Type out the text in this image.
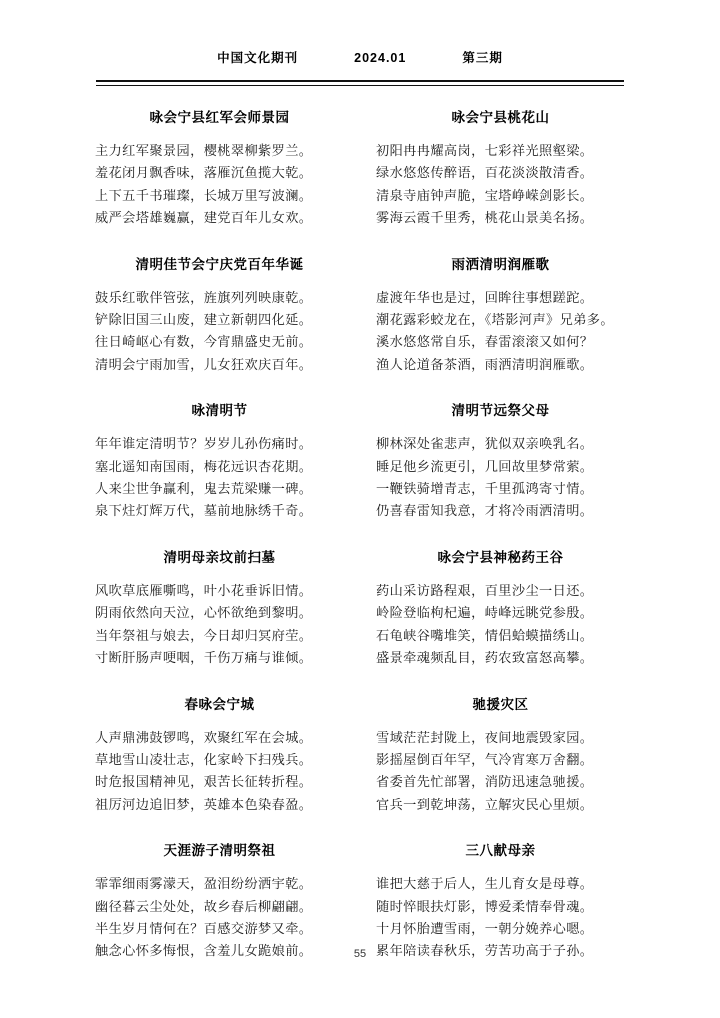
中国文化期刊	2024.01	第三期
咏会宁县红军会师景园

主力红军聚景园，樱桃翠柳紫罗兰。

羞花闭月飘香味，落雁沉鱼揽大乾。

上下五千书璀璨，长城万里写波澜。

威严会塔雄巍赢，建党百年儿女欢。

咏会宁县桃花山

初阳冉冉耀高岗，七彩祥光照壑梁。

绿水悠悠传醉语，百花淡淡散清香。

清泉寺庙钟声脆，宝塔峥嵘剑影长。

雾海云霞千里秀，桃花山景美名扬。

清明佳节会宁庆党百年华诞

鼓乐红歌伴管弦，旌旗列列映康乾。

铲除旧国三山废，建立新朝四化延。

往日崎岖心有数，今宵鼎盛史无前。

清明会宁雨加雪，儿女狂欢庆百年。

雨洒清明润雁歌

虚渡年华也是过，回眸往事想蹉跎。

潮花露彩蛟龙在，《塔影河声》兄弟多。

溪水悠悠常自乐，春雷滚滚又如何？

渔人论道备茶酒，雨洒清明润雁歌。

咏清明节

年年谁定清明节？岁岁儿孙伤痛时。

塞北遥知南国雨，梅花远识杏花期。

人来尘世争赢利，鬼去荒梁赚一碑。

泉下炷灯辉万代，墓前地脉绣千奇。

清明节远祭父母

柳林深处雀悲声，犹似双亲唤乳名。

睡足他乡流更引，几回故里梦常萦。

一鞭铁骑增青志，千里孤鸿寄寸情。

仍喜春雷知我意，才将冷雨洒清明。

清明母亲坟前扫墓

风吹草底雁嘶鸣，叶小花垂诉旧情。

阴雨依然向天泣，心怀欲绝到黎明。

当年祭祖与娘去，今日却归冥府茔。

寸断肝肠声哽咽，千伤万痛与谁倾。

咏会宁县神秘药王谷

药山采访路程艰，百里沙尘一日还。

岭险登临枸杞遍，峙峰远眺党参殷。

石龟峡谷嘴堆笑，情侣蛤蟆描绣山。

盛景牵魂频乱目，药农致富怒高攀。

春咏会宁城

人声鼎沸鼓锣鸣，欢聚红军在会城。

草地雪山凌壮志，化家岭下扫残兵。

时危报国精神见，艰苦长征转折程。

祖厉河边追旧梦，英雄本色染春盈。

驰援灾区

雪域茫茫封陇上，夜间地震毁家园。

影摇屋倒百年罕，气冷宵寒万舍翻。

省委首先忙部署，消防迅速急驰援。

官兵一到乾坤荡，立解灾民心里烦。

天涯游子清明祭祖

霏霏细雨雾濛天，盈泪纷纷洒宇乾。

幽径暮云尘处处，故乡春后柳翩翩。

半生岁月情何在？百感交游梦又牵。

触念心怀多悔恨，含羞儿女跪娘前。

三八献母亲

谁把大慈于后人，生儿育女是母尊。

随时悴眼扶灯影，博爱柔情奉骨魂。

十月怀胎遭雪雨，一朝分娩养心嗯。

累年陪读春秋乐，劳苦功高于子孙。

55
